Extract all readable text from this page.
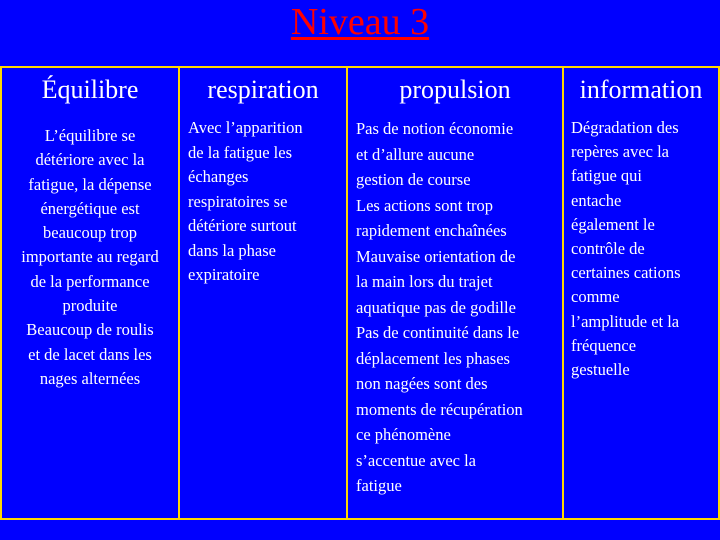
Niveau 3
Équilibre
L’équilibre se
détériore avec la
fatigue, la dépense
énergétique est
beaucoup trop
importante au regard
de la performance
produite
Beaucoup de roulis
et de lacet dans les
nages alternées
respiration
Avec l’apparition
de la fatigue les
échanges
respiratoires se
détériore surtout
dans la phase
expiratoire
propulsion
Pas de notion économie
et d’allure aucune
gestion de course
Les actions sont trop
rapidement enchaînées
Mauvaise orientation de
la main lors du trajet
aquatique pas de godille
Pas de continuité dans le
déplacement les phases
non nagées sont des
moments de récupération
ce phénomène
s’accentue avec la
fatigue
information
Dégradation des
repères avec la
fatigue qui
entache
également le
contrôle de
certaines cations
comme
l’amplitude et la
fréquence
gestuelle
